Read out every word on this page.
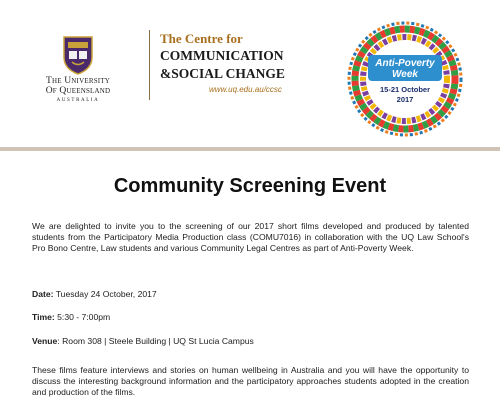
The University
Of Queensland
AUSTRALIA
The Centre for
COMMUNICATION
&SOCIAL CHANGE
www.uq.edu.au/ccsc
Anti-Poverty
Week
15-21 October
2017
Community Screening Event
We are delighted to invite you to the screening of our 2017 short films developed and produced by talented students from the Participatory Media Production class (COMU7016) in collaboration with the UQ Law School's Pro Bono Centre, Law students and various Community Legal Centres as part of Anti-Poverty Week.
Date: Tuesday 24 October, 2017
Time: 5:30 - 7:00pm
Venue: Room 308 | Steele Building | UQ St Lucia Campus
These films feature interviews and stories on human wellbeing in Australia and you will have the opportunity to discuss the interesting background information and the participatory approaches students adopted in the creation and production of the films.
